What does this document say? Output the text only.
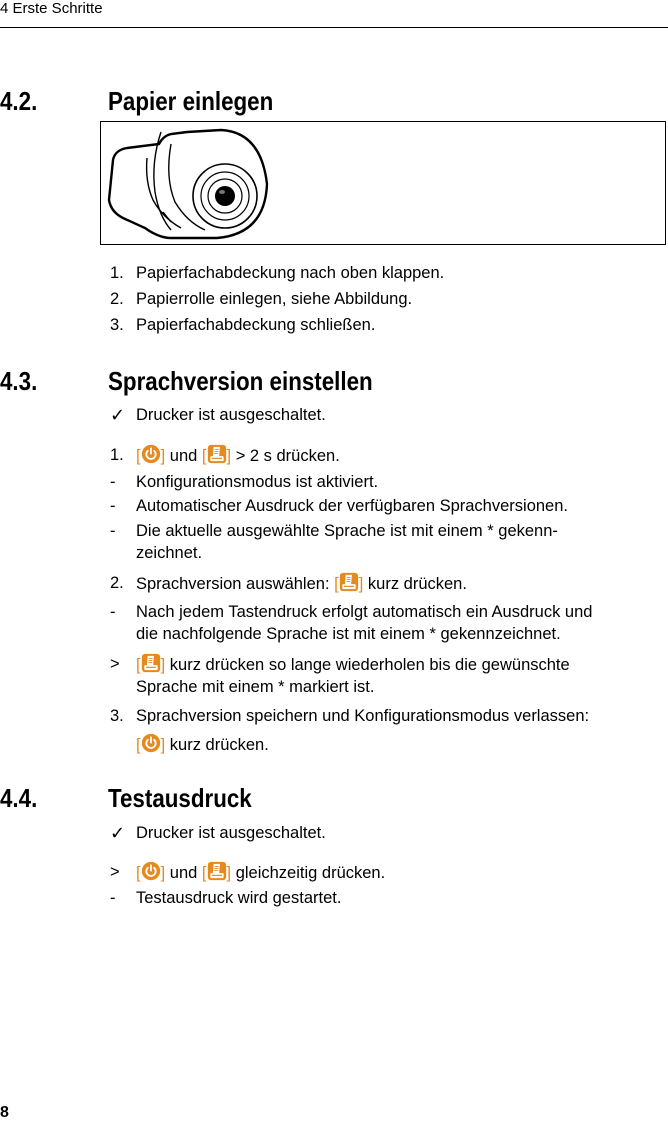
4 Erste Schritte
4.2.	Papier einlegen
1. Papierfachabdeckung nach oben klappen.
2. Papierrolle einlegen, siehe Abbildung.
3. Papierfachabdeckung schließen.
4.3.	Sprachversion einstellen
✓ Drucker ist ausgeschaltet.
1. [ ] und [ ] > 2 s drücken.
- Konfigurationsmodus ist aktiviert.
- Automatischer Ausdruck der verfügbaren Sprachversionen.
- Die aktuelle ausgewählte Sprache ist mit einem * gekenn-
zeichnet.
2. Sprachversion auswählen: [ ] kurz drücken.
- Nach jedem Tastendruck erfolgt automatisch ein Ausdruck und
die nachfolgende Sprache ist mit einem * gekennzeichnet.
> [ ] kurz drücken so lange wiederholen bis die gewünschte
Sprache mit einem * markiert ist.
3. Sprachversion speichern und Konfigurationsmodus verlassen:
[ ] kurz drücken.
4.4.	Testausdruck
✓ Drucker ist ausgeschaltet.
> [ ] und [ ] gleichzeitig drücken.
- Testausdruck wird gestartet.
8
